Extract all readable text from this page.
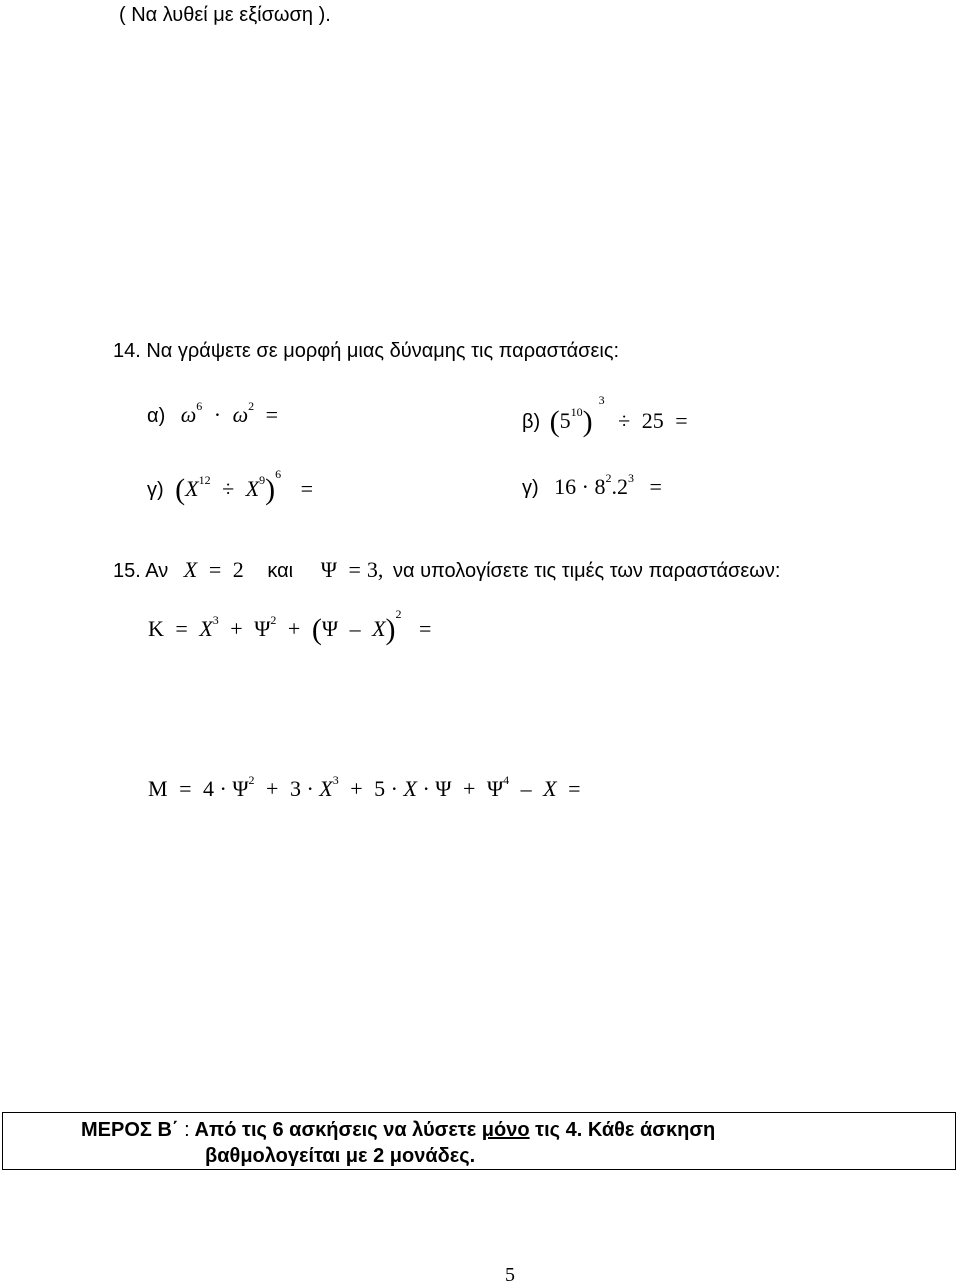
( Να λυθεί με εξίσωση ).
14. Να γράψετε σε μορφή μιας δύναμης τις παραστάσεις:
α) $\omega^6 \cdot \omega^2$ =	β) $(5^{10})^3 \div 25$ =
γ) $(X^{12} \div X^9)^6$ =	γ) $16 \cdot 8^2.2^3$ =
15. Αν X = 2 και Ψ = 3, να υπολογίσετε τις τιμές των παραστάσεων:
$K = X^3 + \Psi^2 + (\Psi - X)^2$ =
$M = 4 \cdot \Psi^2 + 3 \cdot X^3 + 5 \cdot X \cdot \Psi + \Psi^4 - X$ =
ΜΕΡΟΣ Β΄ : Από τις 6 ασκήσεις να λύσετε μόνο τις 4. Κάθε άσκηση
βαθμολογείται με 2 μονάδες.
5
